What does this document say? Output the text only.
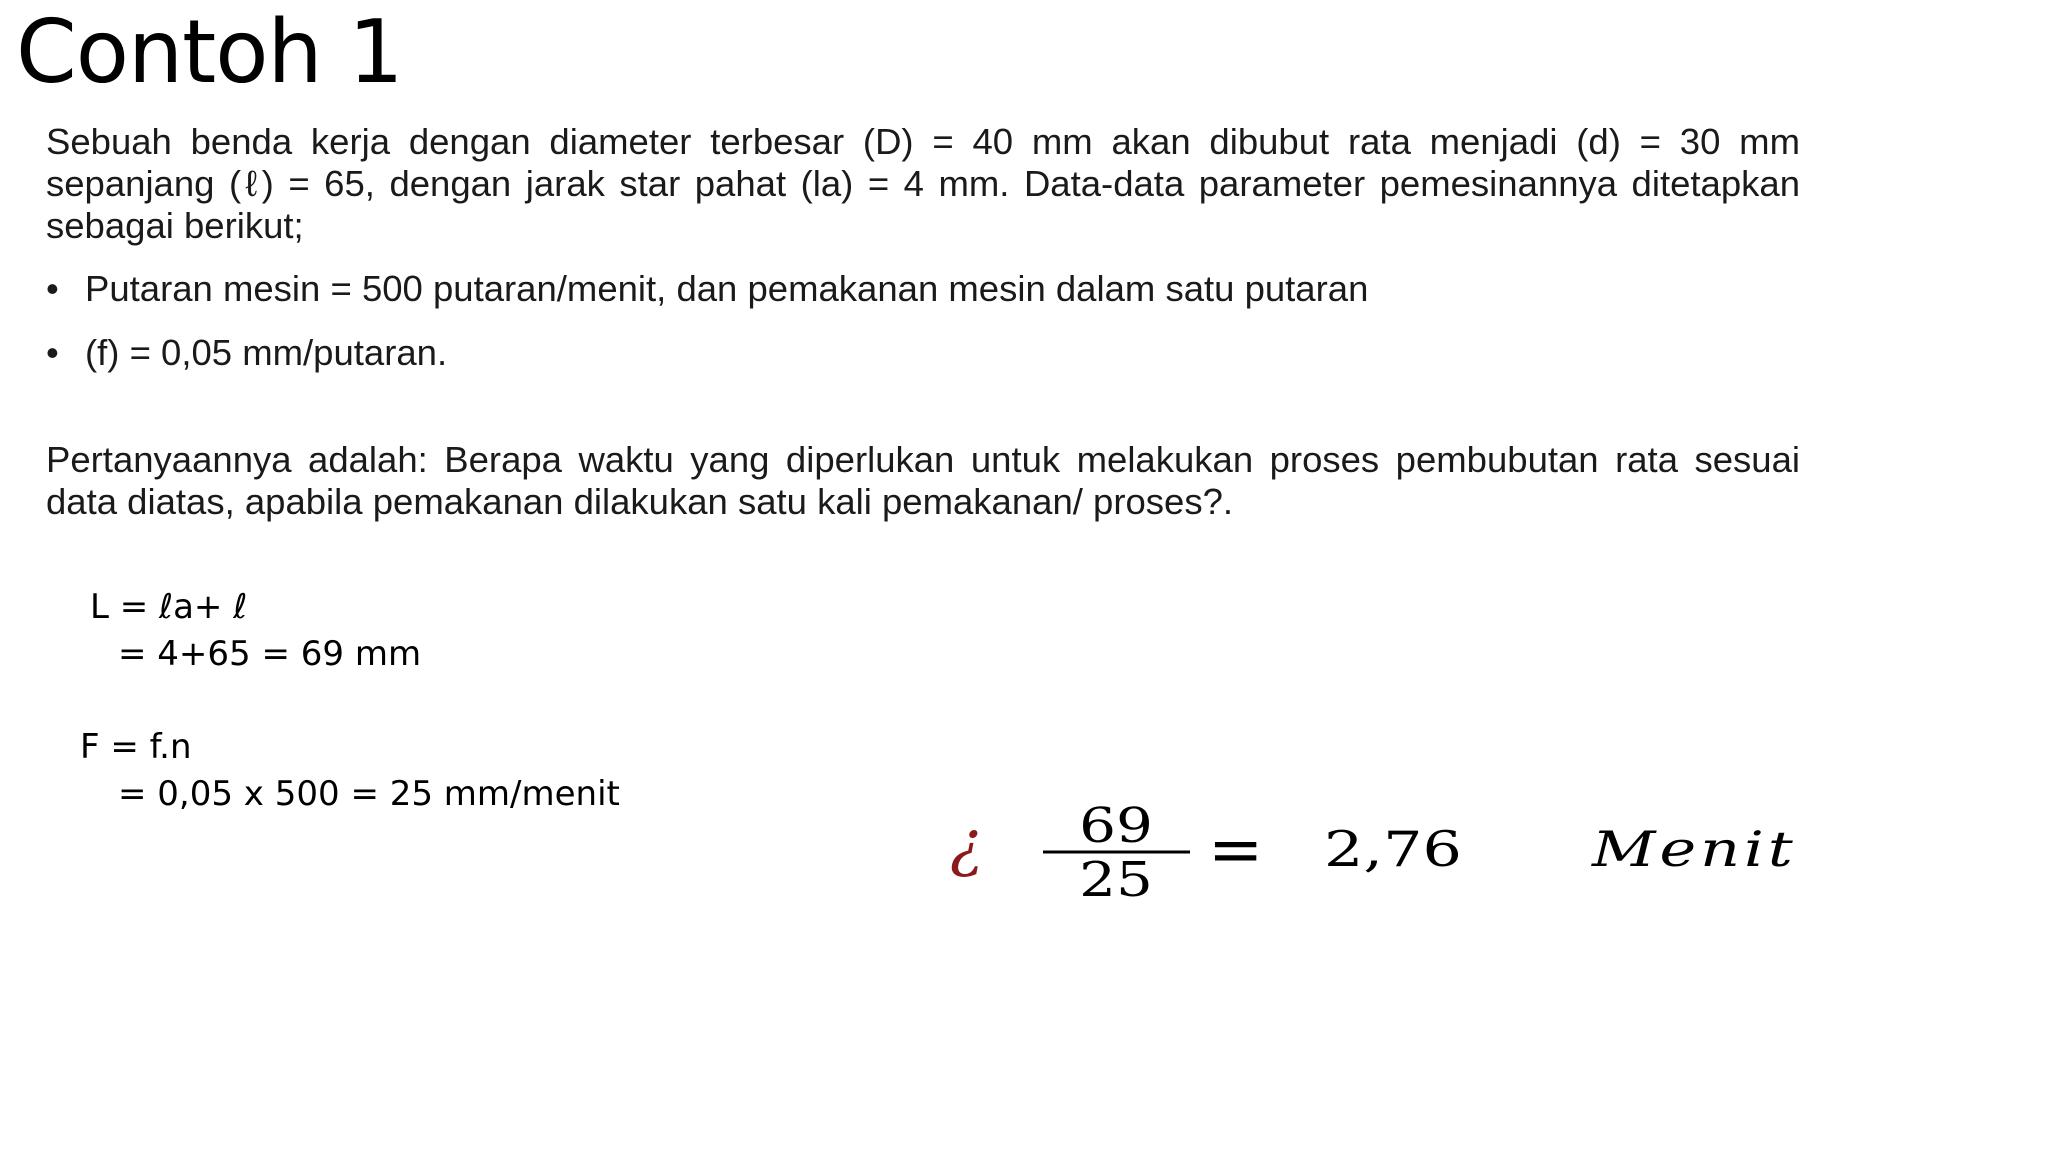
Contoh 1
Sebuah benda kerja dengan diameter terbesar (D) = 40 mm akan dibubut rata menjadi (d) = 30 mm sepanjang (ℓ) = 65, dengan jarak star pahat (la) = 4 mm. Data-data parameter pemesinannya ditetapkan sebagai berikut;
• Putaran mesin = 500 putaran/menit, dan pemakanan mesin dalam satu putaran
• (f) = 0,05 mm/putaran.
Pertanyaannya adalah: Berapa waktu yang diperlukan untuk melakukan proses pembubutan rata sesuai data diatas, apabila pemakanan dilakukan satu kali pemakanan/ proses?.
L = ℓa+ ℓ
= 4+65 = 69 mm
F = f.n
= 0,05 x 500 = 25 mm/menit
¿ 69
25 = 2,76 Menit
